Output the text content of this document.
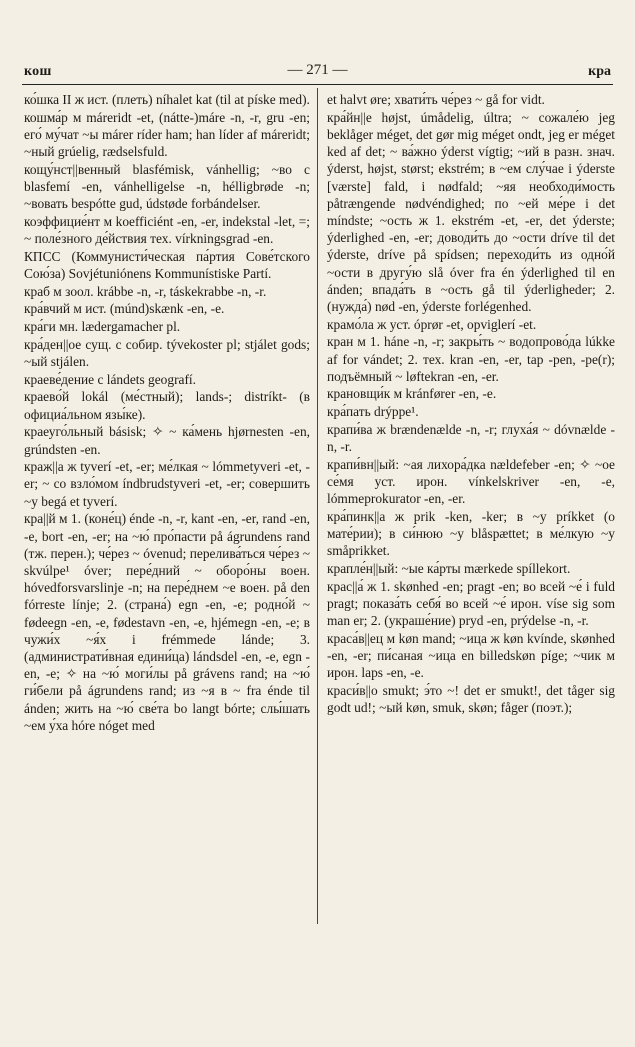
кош	— 271 —	кра

ко́шка II ж ист. (плеть) níhalet kat (til at píske med).

кошма́р м máreridt -et, (nátte-)máre -n, -r, gru -en; его́ му́чат ~ы márer ríder ham; han líder af máreridt; ~ный grúelig, rædselsfuld.

кощу́нст||венный blasfémisk, vánhellig; ~во с blasfemí -en, vánhelligelse -n, hélligbrøde -n; ~вовать bespótte gud, údstøde forbándelser.

коэффицие́нт м koefficiént -en, -er, indekstal -let, =; ~ поле́зного де́йствия тех. vírkningsgrad -en.

КПСС (Коммунисти́ческая па́ртия Сове́тского Сою́за) Sovjétuniónens Kommunístiske Partí.

краб м зоол. krábbe -n, -r, táskekrabbe -n, -r.

кра́вчий м ист. (múnd)skænk -en, -e.

кра́ги мн. lædergamacher pl.

кра́ден||ое сущ. с собир. tývekoster pl; stjálet gods; ~ый stjálen.

краеве́дение с lándets geografí.

краево́й lokál (ме́стный); lands-; distríkt- (в официа́льном язы́ке).

краеуго́льный básisk; ✧ ~ ка́мень hjørnesten -en, grúndsten -en.

краж||а ж tyverí -et, -er; ме́лкая ~ lómmetyveri -et, -er; ~ со взло́мом índbrudstyveri -et, -er; совершить ~у begá et tyverí.

кра||й м 1. (коне́ц) énde -n, -r, kant -en, -er, rand -en, -e, bort -en, -er; на ~ю́ про́пасти på ágrundens rand (тж. перен.); че́рез ~ óvenud; перелива́ться че́рез ~ skvúlpe¹ óver; пере́дний ~ оборо́ны воен. hóvedforsvarslinje -n; на пере́днем ~е воен. på den fórreste línje; 2. (страна́) egn -en, -e; родно́й ~ fødeegn -en, -e, fødestavn -en, -e, hjémegn -en, -e; в чужи́х ~я́х i frémmede lánde; 3. (администрати́вная едини́ца) lándsdel -en, -e, egn -en, -e; ✧ на ~ю́ моги́лы på grávens rand; на ~ю́ ги́бели på ágrundens rand; из ~я в ~ fra énde til ánden; жить на ~ю́ све́та bo langt bórte; слы́шать ~ем у́ха hóre nóget med

et halvt øre; хвати́ть че́рез ~ gå for vidt.

кра́йн||е højst, úmådelig, últra; ~ сожале́ю jeg beklåger méget, det gør mig méget ondt, jeg er méget ked af det; ~ ва́жно ýderst vígtig; ~ий в разн. знач. ýderst, højst, størst; ekstrém; в ~ем слу́чае i ýderste [værste] fald, i nødfald; ~яя необходи́мость påtrængende nødvéndighed; по ~ей ме́ре i det míndste; ~ость ж 1. ekstrém -et, -er, det ýderste; ýderlighed -en, -er; доводи́ть до ~ости dríve til det ýderste, dríve på spídsen; переходи́ть из одно́й ~ости в другу́ю slå óver fra én ýderlighed til en ánden; впада́ть в ~ость gå til ýderligheder; 2. (нужда́) nød -en, ýderste forlégenhed.

крамо́ла ж уст. óprør -et, opviglerí -et.

кран м 1. háne -n, -r; закры́ть ~ водопрово́да lúkke af for vándet; 2. тех. kran -en, -er, tap -pen, -pe(r); подъёмный ~ løftekran -en, -er.

крановщи́к м kránfører -en, -e.

кра́пать drýppe¹.

крапи́ва ж brændenælde -n, -r; глуха́я ~ dóvnælde -n, -r.

крапи́вн||ый: ~ая лихора́дка nældefeber -en; ✧ ~ое се́мя уст. ирон. vínkelskriver -en, -e, lómmeprokurator -en, -er.

кра́пинк||а ж prik -ken, -ker; в ~у príkket (о мате́рии); в си́нюю ~у blåspættet; в ме́лкую ~у småprikket.

крапле́н||ый: ~ые ка́рты mærkede spíllekort.

крас||а́ ж 1. skønhed -en; pragt -en; во всей ~е́ i fuld pragt; показа́ть себя́ во всей ~е́ ирон. víse sig som man er; 2. (украше́ние) pryd -en, prýdelse -n, -r.

краса́в||ец м køn mand; ~ица ж køn kvínde, skønhed -en, -er; пи́саная ~ица en billedskøn píge; ~чик м ирон. laps -en, -e.

краси́в||о smukt; э́то ~! det er smukt!, det tåger sig godt ud!; ~ый køn, smuk, skøn; fåger (поэт.);
